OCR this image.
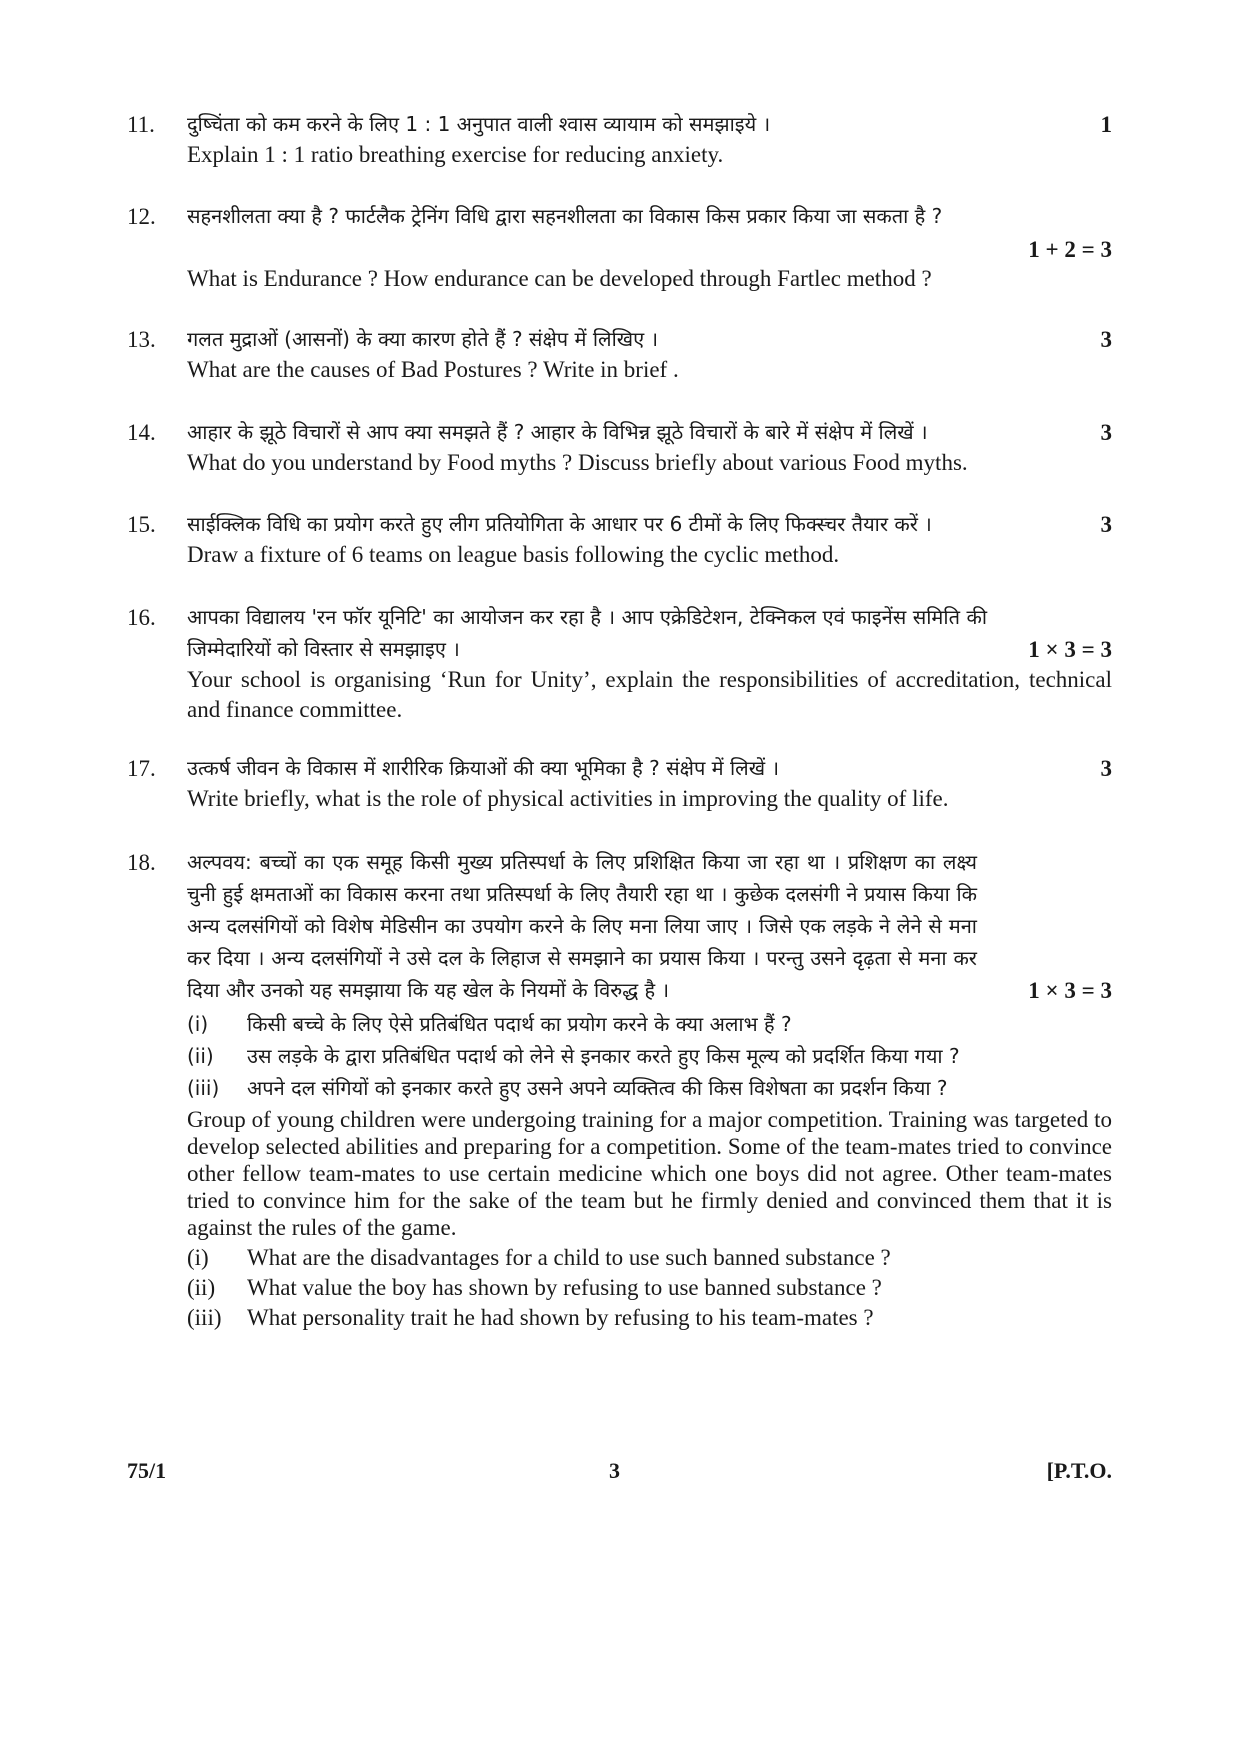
11.	1
दुष्चिंता को कम करने के लिए 1 : 1 अनुपात वाली श्वास व्यायाम को समझाइये ।
Explain 1 : 1 ratio breathing exercise for reducing anxiety.
12.
1 + 2 = 3
सहनशीलता क्या है ? फार्टलैक ट्रेनिंग विधि द्वारा सहनशीलता का विकास किस प्रकार किया जा सकता है ?
What is Endurance ? How endurance can be developed through Fartlec method ?
13.	3
गलत मुद्राओं (आसनों) के क्या कारण होते हैं ? संक्षेप में लिखिए ।
What are the causes of Bad Postures ? Write in brief .
14.	3
आहार के झूठे विचारों से आप क्या समझते हैं ? आहार के विभिन्न झूठे विचारों के बारे में संक्षेप में लिखें ।
What do you understand by Food myths ? Discuss briefly about various Food myths.
15.	3
साईक्लिक विधि का प्रयोग करते हुए लीग प्रतियोगिता के आधार पर 6 टीमों के लिए फिक्स्चर तैयार करें ।
Draw a fixture of 6 teams on league basis following the cyclic method.
16.
1 × 3 = 3
आपका विद्यालय 'रन फॉर यूनिटि' का आयोजन कर रहा है । आप एक्रेडिटेशन, टेक्निकल एवं फाइनेंस समिति की जिम्मेदारियों को विस्तार से समझाइए ।
Your school is organising ‘Run for Unity’, explain the responsibilities of accreditation, technical and finance committee.
17.	3
उत्कर्ष जीवन के विकास में शारीरिक क्रियाओं की क्या भूमिका है ? संक्षेप में लिखें ।
Write briefly, what is the role of physical activities in improving the quality of life.
18.
1 × 3 = 3
अल्पवय: बच्चों का एक समूह किसी मुख्य प्रतिस्पर्धा के लिए प्रशिक्षित किया जा रहा था । प्रशिक्षण का लक्ष्य चुनी हुई क्षमताओं का विकास करना तथा प्रतिस्पर्धा के लिए तैयारी रहा था । कुछेक दलसंगी ने प्रयास किया कि अन्य दलसंगियों को विशेष मेडिसीन का उपयोग करने के लिए मना लिया जाए । जिसे एक लड़के ने लेने से मना कर दिया । अन्य दलसंगियों ने उसे दल के लिहाज से समझाने का प्रयास किया । परन्तु उसने दृढ़ता से मना कर दिया और उनको यह समझाया कि यह खेल के नियमों के विरुद्ध है ।
(i) किसी बच्चे के लिए ऐसे प्रतिबंधित पदार्थ का प्रयोग करने के क्या अलाभ हैं ?
(ii) उस लड़के के द्वारा प्रतिबंधित पदार्थ को लेने से इनकार करते हुए किस मूल्य को प्रदर्शित किया गया ?
(iii) अपने दल संगियों को इनकार करते हुए उसने अपने व्यक्तित्व की किस विशेषता का प्रदर्शन किया ?
Group of young children were undergoing training for a major competition. Training was targeted to develop selected abilities and preparing for a competition. Some of the team-mates tried to convince other fellow team-mates to use certain medicine which one boys did not agree. Other team-mates tried to convince him for the sake of the team but he firmly denied and convinced them that it is against the rules of the game.
(i) What are the disadvantages for a child to use such banned substance ?
(ii) What value the boy has shown by refusing to use banned substance ?
(iii) What personality trait he had shown by refusing to his team-mates ?
75/1	3	[P.T.O.
